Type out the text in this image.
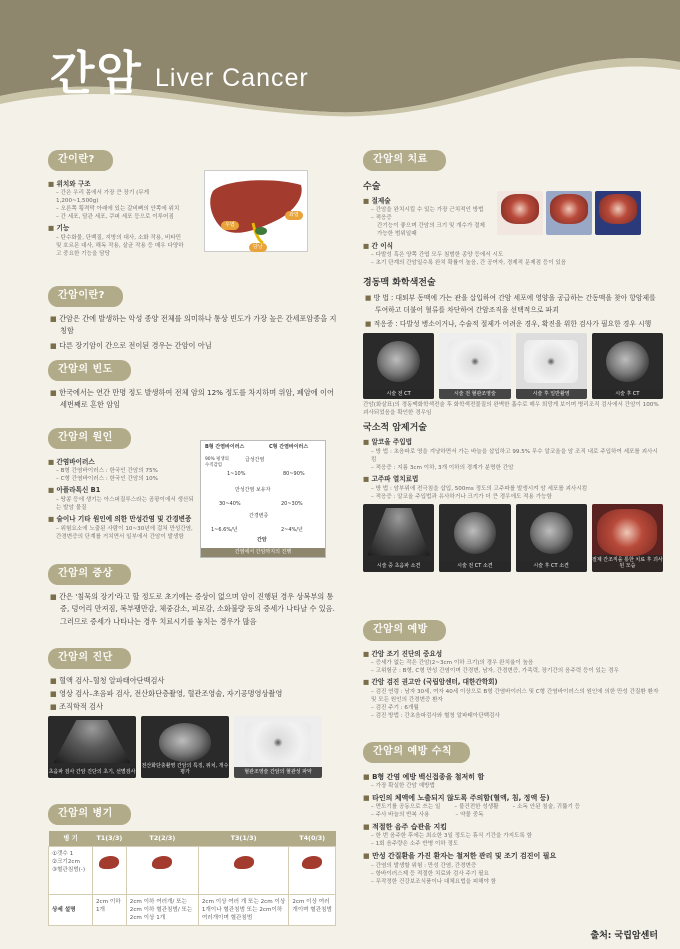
간암 Liver Cancer
간이란?
■ 위치와 구조
– 간은 우리 몸에서 가장 큰 장기 (무게1,200~1,500g)
– 오른쪽 횡격막 아래에 있는 갈비뼈의 안쪽에 위치
– 간 세포, 담관 세포, 쿠퍼 세포 등으로 이루어짐
■ 기능
– 탄수화물, 단백질, 지방의 대사, 소화 작용, 비타민 및 호르몬 대사, 해독 작용, 살균 작용 등 매우 다양하고 중요한 기능을 담당
우엽
좌엽
담낭
간암이란?
■ 간암은 간에 발생하는 악성 종양 전체를 의미하나 통상 빈도가 가장 높은 간세포암종을 지칭함
■ 다른 장기암이 간으로 전이된 경우는 간암이 아님
간암의 빈도
■ 한국에서는 연간 만명 정도 발생하여 전체 암의 12% 정도를 차지하며 위암, 폐암에 이어 세번째로 흔한 암임
간암의 원인
■ 간염바이러스
– B형 간염바이러스 : 한국인 간암의 75%
– C형 간염바이러스 : 한국인 간암의 10%
■ 아플라톡신 B1
– 땅콩 등에 생기는 아스퍼질루스라는 곰팡이에서 생산되는 발암 물질
■ 술이나 기타 원인에 의한 만성간염 및 간경변증
– 위험요소에 노출된 사람이 10~30년에 걸쳐 만성간염, 간경변증의 단계를 거치면서 일부에서 간암이 발생함
B형 간염바이러스	C형 간염바이러스
90% 평생의 수직감염
급성간염
1~10%	80~90%
만성간염 보유자
30~40%	20~30%
간경변증
1~6.6%/년	2~4%/년
간암
간염에서 간암까지의 진행
간암의 증상
■ 간은 '침묵의 장기'라고 할 정도로 초기에는 증상이 없으며 암이 진행된 경우 상복부의 통증, 덩어리 만져짐, 복부팽만감, 체중감소, 피로감, 소화불량 등의 증세가 나타날 수 있음. 그러므로 증세가 나타나는 경우 치료시기를 놓치는 경우가 많음
간암의 진단
■ 혈액 검사–혈청 알파태아단백검사
■ 영상 검사–초음파 검사, 전산화단층촬영, 혈관조영술, 자기공명영상촬영
■ 조직학적 검사
초음파 검사 간암 진단의 초기, 선별검사
전산화단층촬영 간암의 특징, 위치, 개수평가	혈관조영술 간암의 혈관성 파악
간암의 병기
병 기	T1(3/3)	T2(2/3)	T3(1/3)	T4(0/3)

①갯수 1
②크기2cm
③혈관침범(-)				

상세 설명	2cm 이하 1개	2cm 이하 여러개/ 또는 2cm 이하 혈관침범/ 또는 2cm 이상 1개	2cm 이상 여러 개 또는 2cm 이상 1개이나 혈관침범 또는 2cm이하 여러개이며 혈관침범	2cm 이상 여러개이며 혈관침범
간암의 치료
수술
■ 절제술
– 간암을 완치시킬 수 있는 가장 근치적인 방법
– 적응증
간기능이 좋으며 간암의 크기 및 개수가 절제 가능한 범위일때
■ 간 이식
– 다발성 혹은 양쪽 간엽 모두 침범한 종양 등에서 시도
– 초기 단계의 간암일수록 완치 확률이 높음, 간 공여자, 경제적 문제점 등이 있음
경동맥 화학색전술
■ 방 법 : 대퇴부 동맥에 가는 관을 삽입하여 간암 세포에 영양을 공급하는 간동맥을 찾아 항암제를 투여하고 더불어 혈류를 차단하여 간암조직을 선택적으로 파괴
■ 적응증 : 다발성 병소이거나, 수술적 절제가 어려운 경우, 확진을 위한 검사가 필요한 경우 시행
시술 전 CT	시술 전 혈관조영술	시술 후 일반촬영	시술 후 CT
간암(화살표)의 경동맥화학색전술 후 화학색전물질의 완벽한 흡수로 매우 희망게 보이며 병리조직 검사에서 간암이 100% 괴사되었음을 확인한 경우임
국소적 암제거술
■ 알코올 주입법
– 방 법 : 초음파로 영을 겨냥하면서 가는 바늘을 삽입하고 99.5% 무수 알코올을 암 조직 내로 주입하여 세포를 괴사시킴
– 적응증 : 지름 3cm 이하, 3개 이하의 경계가 분명한 간암
■ 고주파 열치료법
– 방 법 : 암부위에 전극침을 삽입, 500ms 정도의 고주파를 발생시켜 암 세포를 괴사시킴
– 적응증 : 알코올 주입법과 유사하거나 크기가 더 큰 경우에도 적용 가능함
시술 중 초음파 소견	시술 전 CT 소견	시술 후 CT 소견
절제 간조직을 통한 치료 후 괴사된 모습
간암의 예방
■ 간암 조기 진단의 중요성
– 증세가 없는 작은 간암(2~3cm 이하 크기)의 경우 완치율이 높음
– 고위험군 : B형, C형 만성 간염이며 간경변, 남자, 간경변증, 가족력, 장기간의 음주력 등이 있는 경우
■ 간암 검진 권고안 (국립암센터, 대한간학회)
– 검진 연령 : 남자 30세, 여자 40세 이상으로 B형 간염바이러스 및 C형 간염바이러스의 원인에 의한 만성 간질환 환자 및 모든 원인의 간경변증 환자
– 검진 주기 : 6개월
– 검진 방법 : 간초음파검사와 혈청 알파태아단백검사
간암의 예방 수칙
■ B형 간염 예방 백신접종을 철저히 함
– 가장 확실한 간암 예방법
■ 타인의 체액에 노출되지 않도록 주의함(혈액, 침, 정액 등)
– 면도기를 공동으로 쓰는 일	– 불건전한 성생활	– 소독 안된 침술, 귀뚫기 등
– 주사 바늘의 반복 사용	– 약물 중독
■ 적절한 음주 습관을 지킴
– 한 번 음주한 후에는 최소한 3일 정도는 휴식 기간을 가지도록 함
– 1회 음주량은 소주 반병 이하 정도
■ 만성 간질환을 가진 환자는 철저한 관리 및 조기 검진이 필요
– 간염의 발생할 위험 : 만성 간염, 간경변증
– 항바이러스제 등 적절한 치료와 검사 주기 필요
– 무작정한 건강보조식품이나 대체요법을 피해야 함
출처: 국립암센터
